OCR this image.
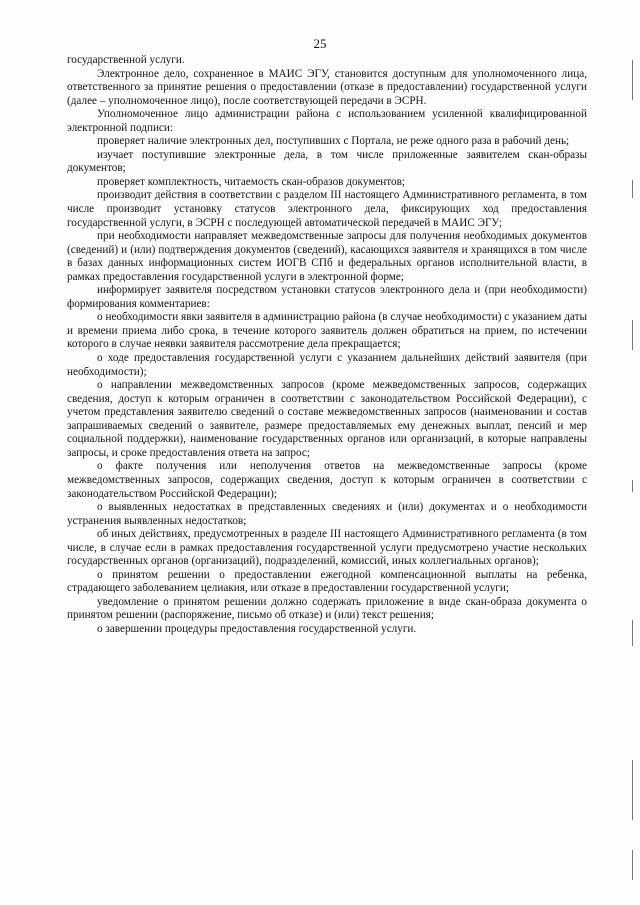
25

государственной услуги.

Электронное дело, сохраненное в МАИС ЭГУ, становится доступным для уполномоченного лица, ответственного за принятие решения о предоставлении (отказе в предоставлении) государственной услуги (далее – уполномоченное лицо), после соответствующей передачи в ЭСРН.

Уполномоченное лицо администрации района с использованием усиленной квалифицированной электронной подписи:

проверяет наличие электронных дел, поступивших с Портала, не реже одного раза в рабочий день;

изучает поступившие электронные дела, в том числе приложенные заявителем скан-образы документов;

проверяет комплектность, читаемость скан-образов документов;

производит действия в соответствии с разделом III настоящего Административного регламента, в том числе производит установку статусов электронного дела, фиксирующих ход предоставления государственной услуги, в ЭСРН с последующей автоматической передачей в МАИС ЭГУ;

при необходимости направляет межведомственные запросы для получения необходимых документов (сведений) и (или) подтверждения документов (сведений), касающихся заявителя и хранящихся в том числе в базах данных информационных систем ИОГВ СПб и федеральных органов исполнительной власти, в рамках предоставления государственной услуги в электронной форме;

информирует заявителя посредством установки статусов электронного дела и (при необходимости) формирования комментариев:

о необходимости явки заявителя в администрацию района (в случае необходимости) с указанием даты и времени приема либо срока, в течение которого заявитель должен обратиться на прием, по истечении которого в случае неявки заявителя рассмотрение дела прекращается;

о ходе предоставления государственной услуги с указанием дальнейших действий заявителя (при необходимости);

о направлении межведомственных запросов (кроме межведомственных запросов, содержащих сведения, доступ к которым ограничен в соответствии с законодательством Российской Федерации), с учетом представления заявителю сведений о составе межведомственных запросов (наименовании и состав запрашиваемых сведений о заявителе, размере предоставляемых ему денежных выплат, пенсий и мер социальной поддержки), наименование государственных органов или организаций, в которые направлены запросы, и сроке предоставления ответа на запрос;

о факте получения или неполучения ответов на межведомственные запросы (кроме межведомственных запросов, содержащих сведения, доступ к которым ограничен в соответствии с законодательством Российской Федерации);

о выявленных недостатках в представленных сведениях и (или) документах и о необходимости устранения выявленных недостатков;

об иных действиях, предусмотренных в разделе III настоящего Административного регламента (в том числе, в случае если в рамках предоставления государственной услуги предусмотрено участие нескольких государственных органов (организаций), подразделений, комиссий, иных коллегиальных органов);

о принятом решении о предоставлении ежегодной компенсационной выплаты на ребенка, страдающего заболеванием целиакия, или отказе в предоставлении государственной услуги;

уведомление о принятом решении должно содержать приложение в виде скан-образа документа о принятом решении (распоряжение, письмо об отказе) и (или) текст решения;

о завершении процедуры предоставления государственной услуги.
